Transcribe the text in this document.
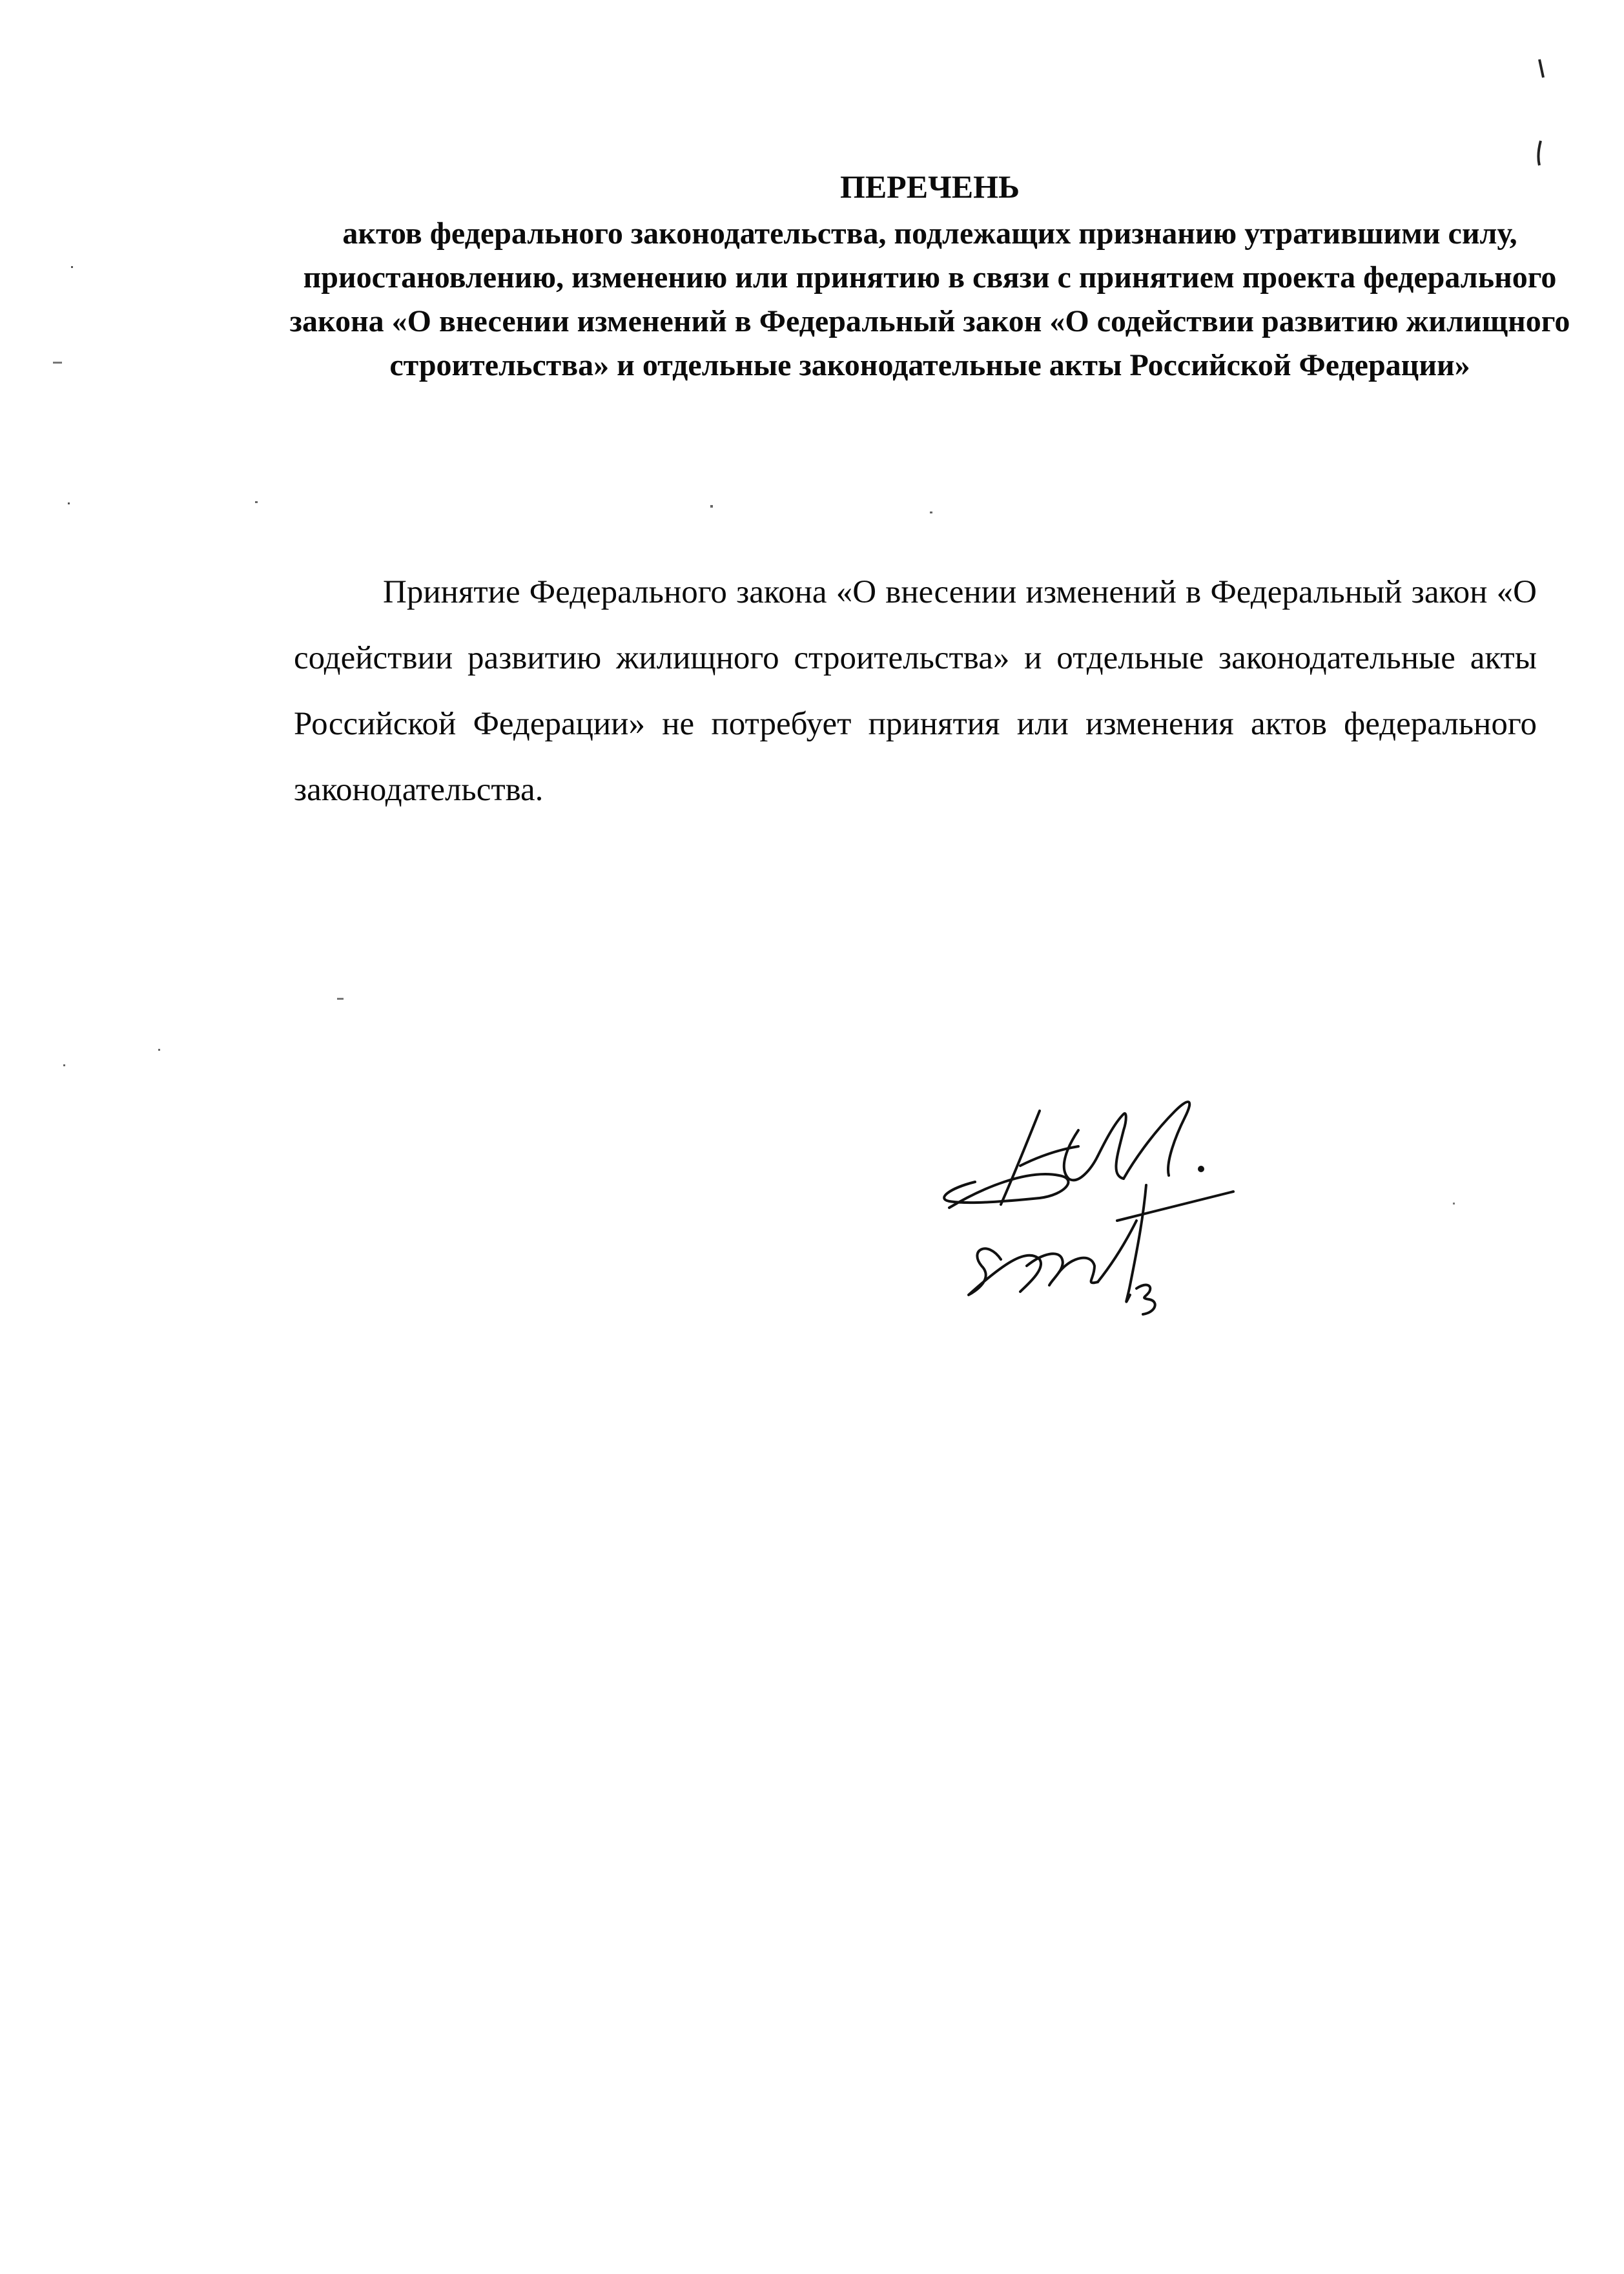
ПЕРЕЧЕНЬ

актов федерального законодательства, подлежащих признанию утратившими силу, приостановлению, изменению или принятию в связи с принятием проекта федерального закона «О внесении изменений в Федеральный закон «О содействии развитию жилищного строительства» и отдельные законодательные акты Российской Федерации»

Принятие Федерального закона «О внесении изменений в Федеральный закон «О содействии развитию жилищного строительства» и отдельные законодательные акты Российской Федерации» не потребует принятия или изменения актов федерального законодательства.
